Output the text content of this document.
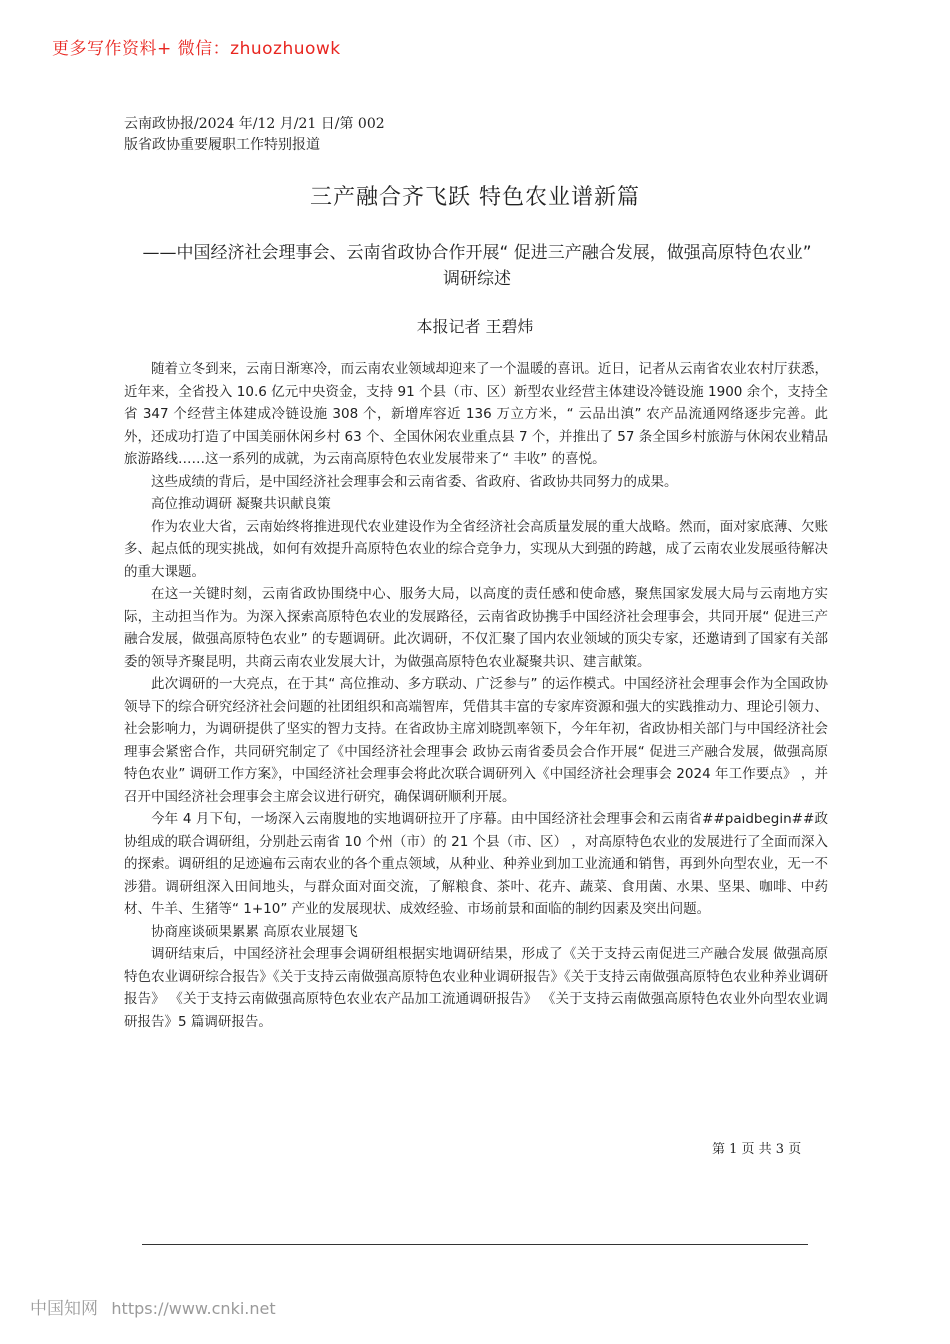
更多写作资料+ 微信：zhuozhuowk
云南政协报/2024 年/12 月/21 日/第 002
版省政协重要履职工作特别报道
三产融合齐飞跃 特色农业谱新篇
——中国经济社会理事会、云南省政协合作开展“ 促进三产融合发展，做强高原特色农业” 调研综述
本报记者 王碧炜

随着立冬到来，云南日渐寒冷，而云南农业领域却迎来了一个温暖的喜讯。近日，记者从云南省农业农村厅获悉，近年来，全省投入 10.6 亿元中央资金，支持 91 个县（市、区）新型农业经营主体建设冷链设施 1900 余个，支持全省 347 个经营主体建成冷链设施 308 个，新增库容近 136 万立方米，“ 云品出滇” 农产品流通网络逐步完善。此外，还成功打造了中国美丽休闲乡村 63 个、全国休闲农业重点县 7 个，并推出了 57 条全国乡村旅游与休闲农业精品旅游路线……这一系列的成就，为云南高原特色农业发展带来了“ 丰收” 的喜悦。

这些成绩的背后，是中国经济社会理事会和云南省委、省政府、省政协共同努力的成果。

高位推动调研 凝聚共识献良策

作为农业大省，云南始终将推进现代农业建设作为全省经济社会高质量发展的重大战略。然而，面对家底薄、欠账多、起点低的现实挑战，如何有效提升高原特色农业的综合竞争力，实现从大到强的跨越，成了云南农业发展亟待解决的重大课题。

在这一关键时刻，云南省政协围绕中心、服务大局，以高度的责任感和使命感，聚焦国家发展大局与云南地方实际，主动担当作为。为深入探索高原特色农业的发展路径，云南省政协携手中国经济社会理事会，共同开展“ 促进三产融合发展，做强高原特色农业” 的专题调研。此次调研，不仅汇聚了国内农业领域的顶尖专家，还邀请到了国家有关部委的领导齐聚昆明，共商云南农业发展大计，为做强高原特色农业凝聚共识、建言献策。

此次调研的一大亮点，在于其“ 高位推动、多方联动、广泛参与” 的运作模式。中国经济社会理事会作为全国政协领导下的综合研究经济社会问题的社团组织和高端智库，凭借其丰富的专家库资源和强大的实践推动力、理论引领力、社会影响力，为调研提供了坚实的智力支持。在省政协主席刘晓凯率领下，今年年初，省政协相关部门与中国经济社会理事会紧密合作，共同研究制定了《中国经济社会理事会 政协云南省委员会合作开展“ 促进三产融合发展，做强高原特色农业” 调研工作方案》，中国经济社会理事会将此次联合调研列入《中国经济社会理事会 2024 年工作要点》 ，并召开中国经济社会理事会主席会议进行研究，确保调研顺利开展。

今年 4 月下旬，一场深入云南腹地的实地调研拉开了序幕。由中国经济社会理事会和云南省##paidbegin##政协组成的联合调研组，分别赴云南省 10 个州（市）的 21 个县（市、区） ，对高原特色农业的发展进行了全面而深入的探索。调研组的足迹遍布云南农业的各个重点领域，从种业、种养业到加工业流通和销售，再到外向型农业，无一不涉猎。调研组深入田间地头，与群众面对面交流，了解粮食、茶叶、花卉、蔬菜、食用菌、水果、坚果、咖啡、中药材、牛羊、生猪等“ 1+10” 产业的发展现状、成效经验、市场前景和面临的制约因素及突出问题。

协商座谈硕果累累 高原农业展翅飞

调研结束后，中国经济社会理事会调研组根据实地调研结果，形成了《关于支持云南促进三产融合发展 做强高原特色农业调研综合报告》《关于支持云南做强高原特色农业种业调研报告》《关于支持云南做强高原特色农业种养业调研报告》 《关于支持云南做强高原特色农业农产品加工流通调研报告》 《关于支持云南做强高原特色农业外向型农业调研报告》5 篇调研报告。

第 1 页 共 3 页
中国知网 https://www.cnki.net
